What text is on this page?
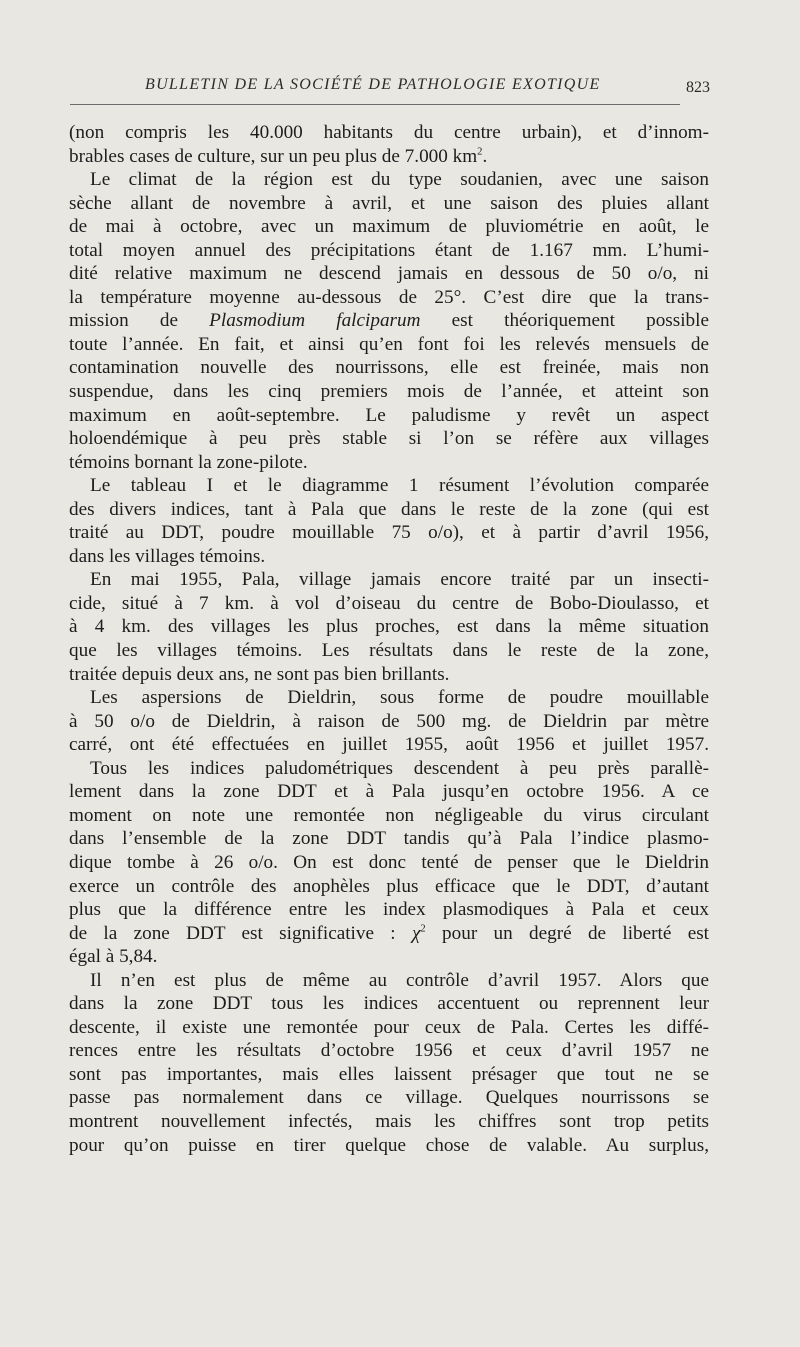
BULLETIN DE LA SOCIÉTÉ DE PATHOLOGIE EXOTIQUE	823
(non compris les 40.000 habitants du centre urbain), et d’innom-
brables cases de culture, sur un peu plus de 7.000 $km^2$.
Le climat de la région est du type soudanien, avec une saison
sèche allant de novembre à avril, et une saison des pluies allant
de mai à octobre, avec un maximum de pluviométrie en août, le
total moyen annuel des précipitations étant de 1.167 mm. L’humi-
dité relative maximum ne descend jamais en dessous de 50 o/o, ni
la température moyenne au-dessous de 25°. C’est dire que la trans-
mission de Plasmodium falciparum est théoriquement possible
toute l’année. En fait, et ainsi qu’en font foi les relevés mensuels de
contamination nouvelle des nourrissons, elle est freinée, mais non
suspendue, dans les cinq premiers mois de l’année, et atteint son
maximum en août-septembre. Le paludisme y revêt un aspect
holoendémique à peu près stable si l’on se réfère aux villages
témoins bornant la zone-pilote.
Le tableau I et le diagramme 1 résument l’évolution comparée
des divers indices, tant à Pala que dans le reste de la zone (qui est
traité au DDT, poudre mouillable 75 o/o), et à partir d’avril 1956,
dans les villages témoins.
En mai 1955, Pala, village jamais encore traité par un insecti-
cide, situé à 7 km. à vol d’oiseau du centre de Bobo-Dioulasso, et
à 4 km. des villages les plus proches, est dans la même situation
que les villages témoins. Les résultats dans le reste de la zone,
traitée depuis deux ans, ne sont pas bien brillants.
Les aspersions de Dieldrin, sous forme de poudre mouillable
à 50 o/o de Dieldrin, à raison de 500 mg. de Dieldrin par mètre
carré, ont été effectuées en juillet 1955, août 1956 et juillet 1957.
Tous les indices paludométriques descendent à peu près parallè-
lement dans la zone DDT et à Pala jusqu’en octobre 1956. A ce
moment on note une remontée non négligeable du virus circulant
dans l’ensemble de la zone DDT tandis qu’à Pala l’indice plasmo-
dique tombe à 26 o/o. On est donc tenté de penser que le Dieldrin
exerce un contrôle des anophèles plus efficace que le DDT, d’autant
plus que la différence entre les index plasmodiques à Pala et ceux
de la zone DDT est significative : $\chi^2$ pour un degré de liberté est
égal à 5,84.
Il n’en est plus de même au contrôle d’avril 1957. Alors que
dans la zone DDT tous les indices accentuent ou reprennent leur
descente, il existe une remontée pour ceux de Pala. Certes les diffé-
rences entre les résultats d’octobre 1956 et ceux d’avril 1957 ne
sont pas importantes, mais elles laissent présager que tout ne se
passe pas normalement dans ce village. Quelques nourrissons se
montrent nouvellement infectés, mais les chiffres sont trop petits
pour qu’on puisse en tirer quelque chose de valable. Au surplus,
